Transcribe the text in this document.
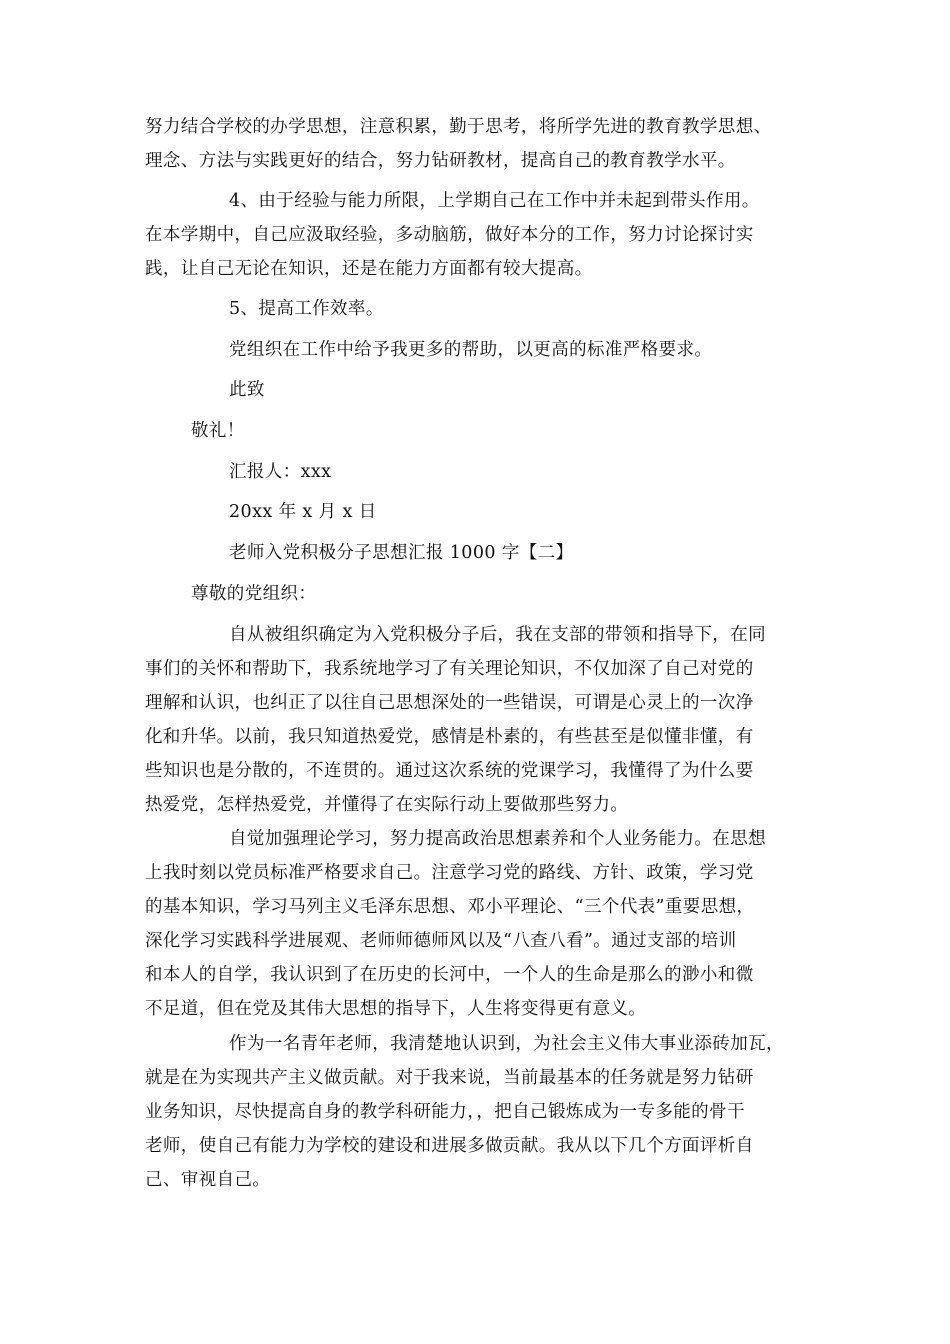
努力结合学校的办学思想，注意积累，勤于思考，将所学先进的教育教学思想、
理念、方法与实践更好的结合，努力钻研教材，提高自己的教育教学水平。
4、由于经验与能力所限，上学期自己在工作中并未起到带头作用。
在本学期中，自己应汲取经验，多动脑筋，做好本分的工作，努力讨论探讨实
践，让自己无论在知识，还是在能力方面都有较大提高。
5、提高工作效率。
党组织在工作中给予我更多的帮助，以更高的标准严格要求。
此致
敬礼！
汇报人：xxx
20xx 年 x 月 x 日
老师入党积极分子思想汇报 1000 字【二】
尊敬的党组织：
自从被组织确定为入党积极分子后，我在支部的带领和指导下，在同
事们的关怀和帮助下，我系统地学习了有关理论知识，不仅加深了自己对党的
理解和认识，也纠正了以往自己思想深处的一些错误，可谓是心灵上的一次净
化和升华。以前，我只知道热爱党，感情是朴素的，有些甚至是似懂非懂，有
些知识也是分散的，不连贯的。通过这次系统的党课学习，我懂得了为什么要
热爱党，怎样热爱党，并懂得了在实际行动上要做那些努力。
自觉加强理论学习，努力提高政治思想素养和个人业务能力。在思想
上我时刻以党员标准严格要求自己。注意学习党的路线、方针、政策，学习党
的基本知识，学习马列主义毛泽东思想、邓小平理论、“三个代表”重要思想，
深化学习实践科学进展观、老师师德师风以及“八查八看”。通过支部的培训
和本人的自学，我认识到了在历史的长河中，一个人的生命是那么的渺小和微
不足道，但在党及其伟大思想的指导下，人生将变得更有意义。
作为一名青年老师，我清楚地认识到，为社会主义伟大事业添砖加瓦，
就是在为实现共产主义做贡献。对于我来说，当前最基本的任务就是努力钻研
业务知识，尽快提高自身的教学科研能力，，把自己锻炼成为一专多能的骨干
老师，使自己有能力为学校的建设和进展多做贡献。我从以下几个方面评析自
己、审视自己。
